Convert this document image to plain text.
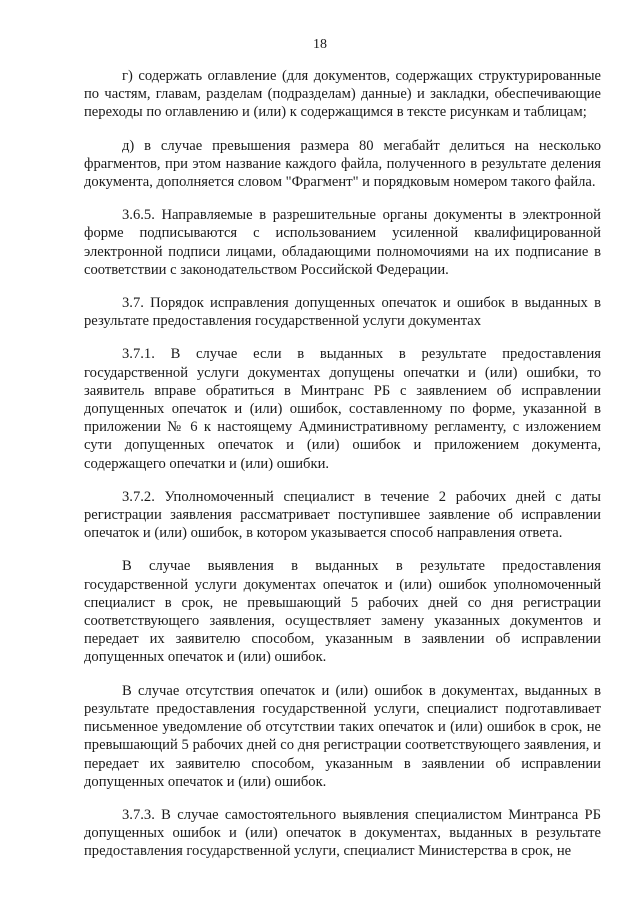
18

г) содержать оглавление (для документов, содержащих структурированные по частям, главам, разделам (подразделам) данные) и закладки, обеспечивающие переходы по оглавлению и (или) к содержащимся в тексте рисункам и таблицам;

д) в случае превышения размера 80 мегабайт делиться на несколько фрагментов, при этом название каждого файла, полученного в результате деления документа, дополняется словом "Фрагмент" и порядковым номером такого файла.

3.6.5. Направляемые в разрешительные органы документы в электронной форме подписываются с использованием усиленной квалифицированной электронной подписи лицами, обладающими полномочиями на их подписание в соответствии с законодательством Российской Федерации.

3.7. Порядок исправления допущенных опечаток и ошибок в выданных в результате предоставления государственной услуги документах

3.7.1. В случае если в выданных в результате предоставления государственной услуги документах допущены опечатки и (или) ошибки, то заявитель вправе обратиться в Минтранс РБ с заявлением об исправлении допущенных опечаток и (или) ошибок, составленному по форме, указанной в приложении № 6 к настоящему Административному регламенту, с изложением сути допущенных опечаток и (или) ошибок и приложением документа, содержащего опечатки и (или) ошибки.

3.7.2. Уполномоченный специалист в течение 2 рабочих дней с даты регистрации заявления рассматривает поступившее заявление об исправлении опечаток и (или) ошибок, в котором указывается способ направления ответа.

В случае выявления в выданных в результате предоставления государственной услуги документах опечаток и (или) ошибок уполномоченный специалист в срок, не превышающий 5 рабочих дней со дня регистрации соответствующего заявления, осуществляет замену указанных документов и передает их заявителю способом, указанным в заявлении об исправлении допущенных опечаток и (или) ошибок.

В случае отсутствия опечаток и (или) ошибок в документах, выданных в результате предоставления государственной услуги, специалист подготавливает письменное уведомление об отсутствии таких опечаток и (или) ошибок в срок, не превышающий 5 рабочих дней со дня регистрации соответствующего заявления, и передает их заявителю способом, указанным в заявлении об исправлении допущенных опечаток и (или) ошибок.

3.7.3. В случае самостоятельного выявления специалистом Минтранса РБ допущенных ошибок и (или) опечаток в документах, выданных в результате предоставления государственной услуги, специалист Министерства в срок, не
